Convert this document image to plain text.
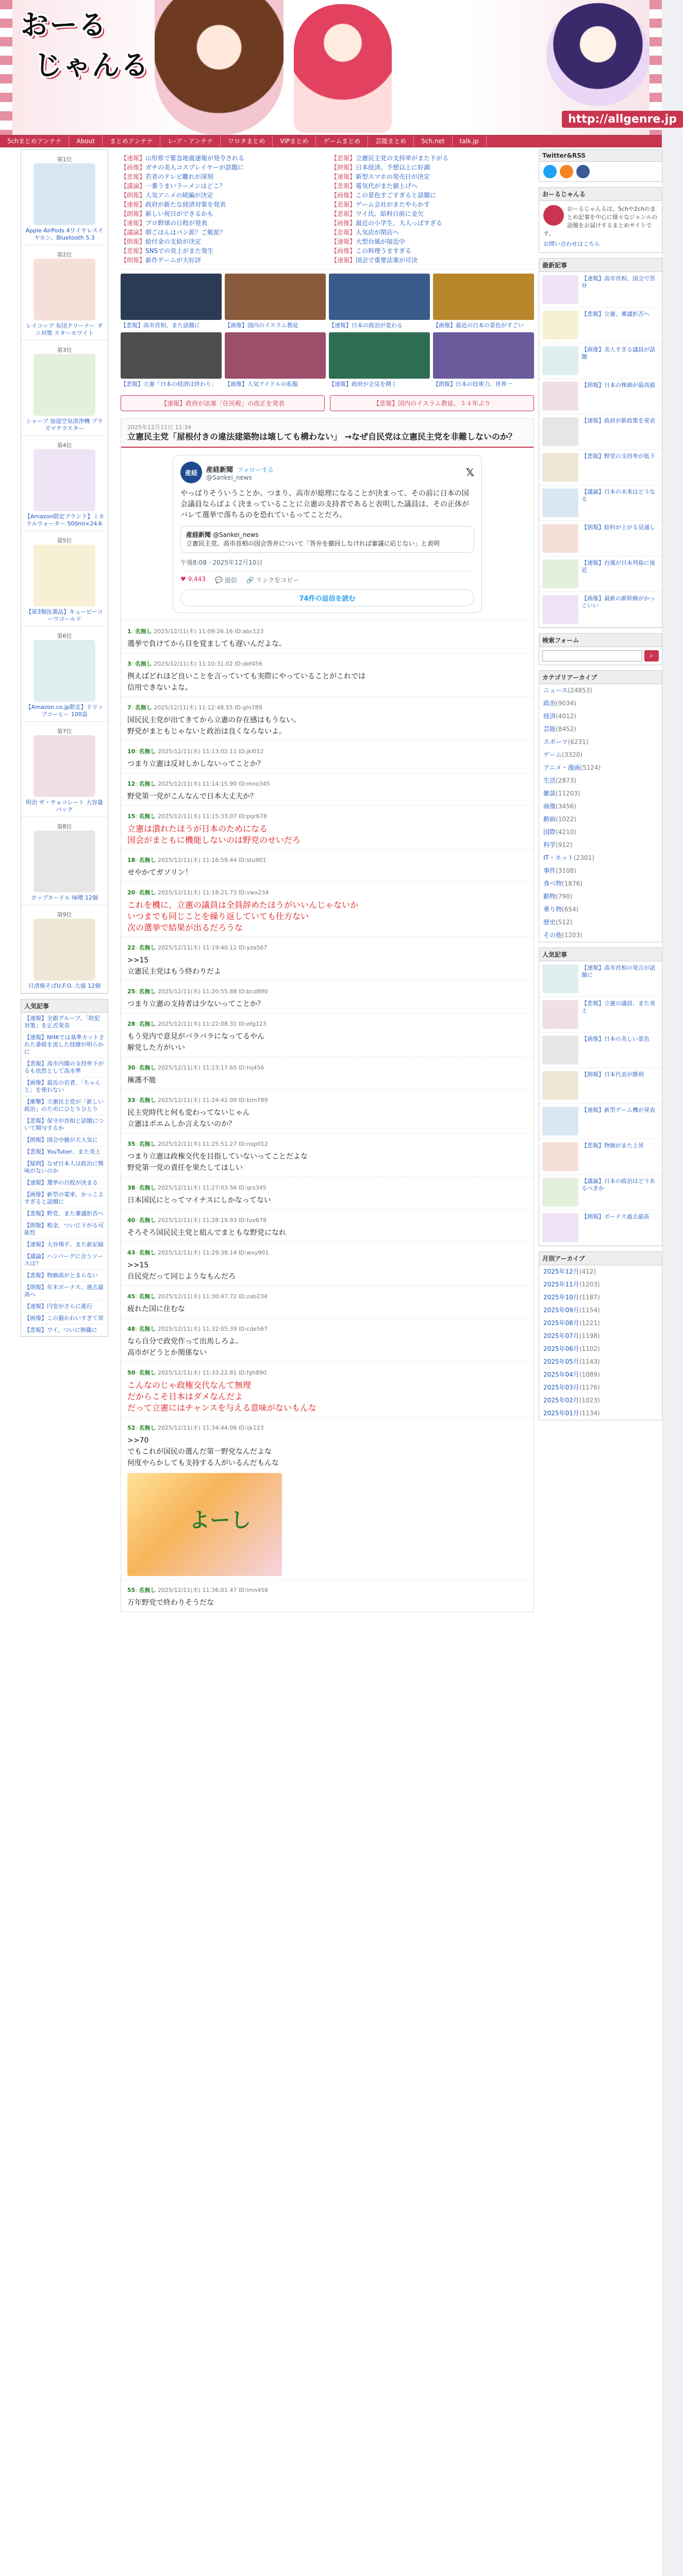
おーる
じゃんる
http://allgenre.jp
5chまとめアンテナ	About	まとめアンテナ	レ-ア・アンテナ	ワロタまとめ	VIPまとめ	ゲームまとめ	芸能まとめ	5ch.net	talk.jp
第1位
Apple AirPods 4ワイヤレスイヤホン、Bluetooth 5.3
第2位
レイコップ 布団クリーナー ダニ対策 スターホワイト
第3位
シャープ 加湿空気清浄機 プラズマクラスター
第4位
【Amazon限定ブランド】ミネラルウォーター 500ml×24本
第5位
【第3類医薬品】キューピーコーワゴールド
第6位
【Amazon.co.jp限定】ドリップコーヒー 100袋
第7位
明治 ザ・チョコレート 大容量パック
第8位
カップヌードル 味噌 12個
第9位
日清焼そばU.F.O. 大盛 12個
人気記事
【速報】全銀グループ、「防犯対策」を正式発表
【速報】NHKでは基準カットされた番組を流した経緯が明らかに
【悲報】高市内閣の支持率下がるも依然として高水準
【画像】最近の若者、「ちゃんと」を使わない
【衝撃】立憲民主党が「新しい政治」のためにひとりひとり
【悲報】保守が首相と話題について関与するか
【朗報】国会中継が大人気に
【悲報】YouTuber、また炎上
【疑問】なぜ日本人は政治に興味がないのか
【速報】選挙の日程が決まる
【画像】新型の電車、かっこよすぎると話題に
【悲報】野党、また審議拒否へ
【朗報】税金、ついに下がる可能性
【速報】大谷翔平、また新記録
【議論】ハンバーグに合うソースは？
【悲報】物価高がとまらない
【朗報】年末ボーナス、過去最高へ
【速報】円安がさらに進行
【画像】この猫かわいすぎて草
【悲報】ワイ、ついに無職に
【速報】山形県で緊急地震速報が発令される	【悲報】立憲民主党の支持率がまた下がる
【画像】ガチの美人コスプレイヤーが話題に	【朗報】日本経済、予想以上に好調
【悲報】若者のテレビ離れが深刻	【速報】新型スマホの発売日が決定
【議論】一番うまいラーメンはどこ？	【悲報】電気代がまた値上げへ
【朗報】人気アニメの続編が決定	【画像】この景色すごすぎると話題に
【速報】政府が新たな経済対策を発表	【悲報】ゲーム会社がまたやらかす
【朗報】新しい祝日ができるかも	【悲報】ワイ氏、給料日前に金欠
【速報】プロ野球の日程が発表	【画像】最近の小学生、大人っぽすぎる
【議論】朝ごはんはパン派？ご飯派？	【悲報】人気店が閉店へ
【朗報】給付金の支給が決定	【速報】大型台風が接近中
【悲報】SNSでの炎上がまた発生	【画像】この料理うますぎる
【朗報】新作ゲームが大好評	【速報】国会で重要法案が可決
【悲報】高市首相、また話題に	【画像】国内のイスラム教徒	【速報】日本の政治が変わる	【画像】最近の日本の景色がすごい
【悲報】立憲「日本の経済は終わり」	【画像】人気アイドルの私服	【速報】政府が会見を開く	【朗報】日本の技術力、世界一
【速報】政府が法案「住民税」の改正を発表	【悲報】国内のイスラム教徒、３４年ぶり
2025年12月11日 11:34
立憲民主党「屋根付きの違法建築物は壊しても構わない」 →なぜ自民党は立憲民主党を非難しないのか？
産経	産経新聞 フォローする
@Sankei_news	𝕏
やっぱりそういうことか。つまり、高市が総理になることが決まって、その前に日本の国会議員ならばよく決まっていることに立憲の支持者であると表明した議員は、その正体がバレて選挙で落ちるのを恐れているってことだろ。
産経新聞 @Sankei_news
立憲民主党、高市首相の国会答弁について「答弁を撤回しなければ審議に応じない」と表明
午後8:08 · 2025年12月10日
♥ 9,443 💬 返信 🔗 リンクをコピー
74件の返信を読む
1: 名無し 2025/12/11(木) 11:09:26.16 ID:abc123
選挙で負けてから目を覚ましても遅いんだよな。
3: 名無し 2025/12/11(木) 11:10:31.02 ID:def456
例えばどれほど良いことを言っていても実際にやっていることがこれでは
信用できないよな。
7: 名無し 2025/12/11(木) 11:12:48.55 ID:ghi789
国民民主党が出てきてから立憲の存在感はもうない。
野党がまともじゃないと政治は良くならないよ。
10: 名無し 2025/12/11(木) 11:13:02.11 ID:jkl012
つまり立憲は反対しかしないってことか？
12: 名無し 2025/12/11(木) 11:14:15.90 ID:mno345
野党第一党がこんなんで日本大丈夫か？
15: 名無し 2025/12/11(木) 11:15:33.07 ID:pqr678
立憲は潰れたほうが日本のためになる
国会がまともに機能しないのは野党のせいだろ
18: 名無し 2025/12/11(木) 11:16:59.44 ID:stu901
せやかてガソリン！
20: 名無し 2025/12/11(木) 11:18:21.73 ID:vwx234
これを機に、立憲の議員は全員辞めたほうがいいんじゃないか
いつまでも同じことを繰り返していても仕方ない
次の選挙で結果が出るだろうな
22: 名無し 2025/12/11(木) 11:19:40.12 ID:yza567
>>15
立憲民主党はもう終わりだよ
25: 名無し 2025/12/11(木) 11:20:55.88 ID:bcd890
つまり立憲の支持者は少ないってことか？
28: 名無し 2025/12/11(木) 11:22:08.31 ID:efg123
もう党内で意見がバラバラになってるやん
解党した方がいい
30: 名無し 2025/12/11(木) 11:23:17.65 ID:hij456
擁護不能
33: 名無し 2025/12/11(木) 11:24:42.09 ID:klm789
民主党時代と何も変わってないじゃん
立憲はポエムしか言えないのか？
35: 名無し 2025/12/11(木) 11:25:51.27 ID:nop012
つまり立憲は政権交代を目指していないってことだよな
野党第一党の責任を果たしてほしい
38: 名無し 2025/12/11(木) 11:27:03.56 ID:qrs345
日本国民にとってマイナスにしかなってない
40: 名無し 2025/12/11(木) 11:28:19.93 ID:tuv678
そろそろ国民民主党と組んでまともな野党になれ
43: 名無し 2025/12/11(木) 11:29:38.14 ID:wxy901
>>15
自民党だって同じようなもんだろ
45: 名無し 2025/12/11(木) 11:30:47.72 ID:zab234
疲れた国に住むな
48: 名無し 2025/12/11(木) 11:32:05.39 ID:cde567
なら自分で政党作って出馬しろよ。
高市がどうとか関係ない
50: 名無し 2025/12/11(木) 11:33:22.81 ID:fgh890
こんなのじゃ政権交代なんて無理
だからこそ日本はダメなんだよ
だって立憲にはチャンスを与える意味がないもんな
52: 名無し 2025/12/11(木) 11:34:44.06 ID:ijk123
>>70
でもこれが国民の選んだ第一野党なんだよな
何度やらかしても支持する人がいるんだもんな
よーし
55: 名無し 2025/12/11(木) 11:36:01.47 ID:lmn456
万年野党で終わりそうだな
Twitter&RSS
おーるじゃんる
おーるじゃんるは、5chや2chのまとめ記事を中心に様々なジャンルの話題をお届けするまとめサイトです。
お問い合わせはこちら
最新記事
【速報】高市首相、国会で答弁
【悲報】立憲、審議拒否へ
【画像】美人すぎる議員が話題
【朗報】日本の株価が最高値
【速報】政府が新政策を発表
【悲報】野党の支持率が低下
【議論】日本の未来はどうなる
【朗報】給料が上がる見通し
【速報】台風が日本列島に接近
【画像】最新の新幹線がかっこいい
検索フォーム
⌕
カテゴリアーカイブ
ニュース(24853)
政治(9034)
経済(4012)
芸能(8452)
スポーツ(6231)
ゲーム(3320)
アニメ・漫画(5124)
生活(2873)
雑談(11203)
画像(3456)
動画(1022)
国際(4210)
科学(912)
IT・ネット(2301)
事件(3108)
食べ物(1876)
動物(790)
乗り物(654)
歴史(512)
その他(1203)
人気記事
【速報】高市首相の発言が話題に
【悲報】立憲の議員、また炎上
【画像】日本の美しい景色
【朗報】日本代表が勝利
【速報】新型ゲーム機が発表
【悲報】物価がまた上昇
【議論】日本の政治はどうあるべきか
【朗報】ボーナス過去最高
月別アーカイブ
2025年12月(412)
2025年11月(1203)
2025年10月(1187)
2025年09月(1154)
2025年08月(1221)
2025年07月(1198)
2025年06月(1102)
2025年05月(1143)
2025年04月(1089)
2025年03月(1176)
2025年02月(1023)
2025年01月(1134)
